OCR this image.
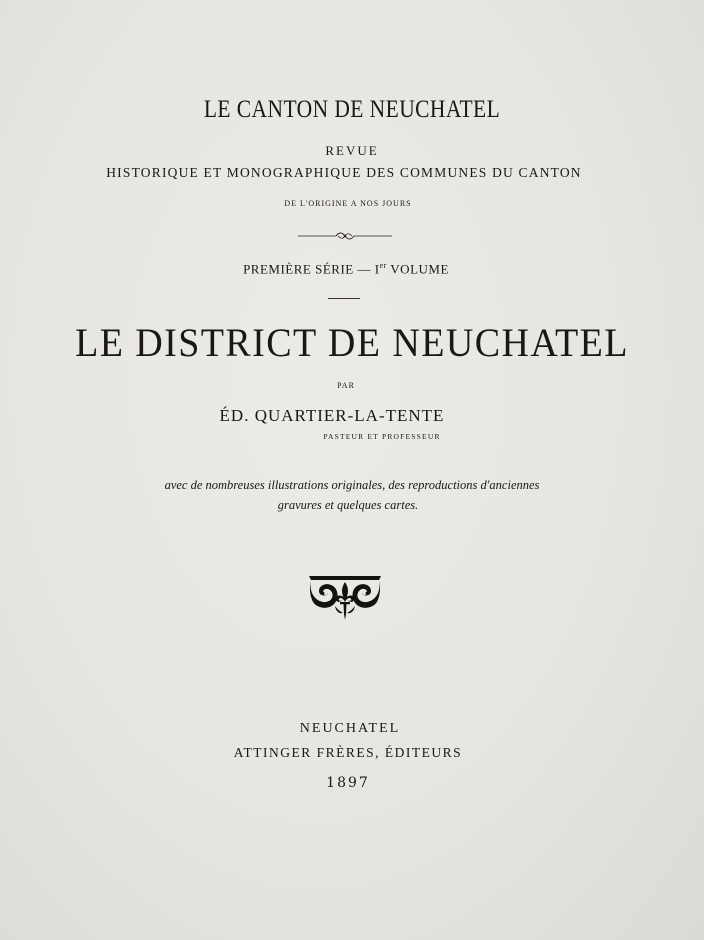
LE CANTON DE NEUCHATEL
REVUE
HISTORIQUE ET MONOGRAPHIQUE DES COMMUNES DU CANTON
DE L'ORIGINE A NOS JOURS
PREMIÈRE SÉRIE — Ier VOLUME
LE DISTRICT DE NEUCHATEL
PAR
ÉD. QUARTIER-LA-TENTE
PASTEUR ET PROFESSEUR
avec de nombreuses illustrations originales, des reproductions d'anciennes
gravures et quelques cartes.
NEUCHATEL
ATTINGER FRÈRES, ÉDITEURS
1897
